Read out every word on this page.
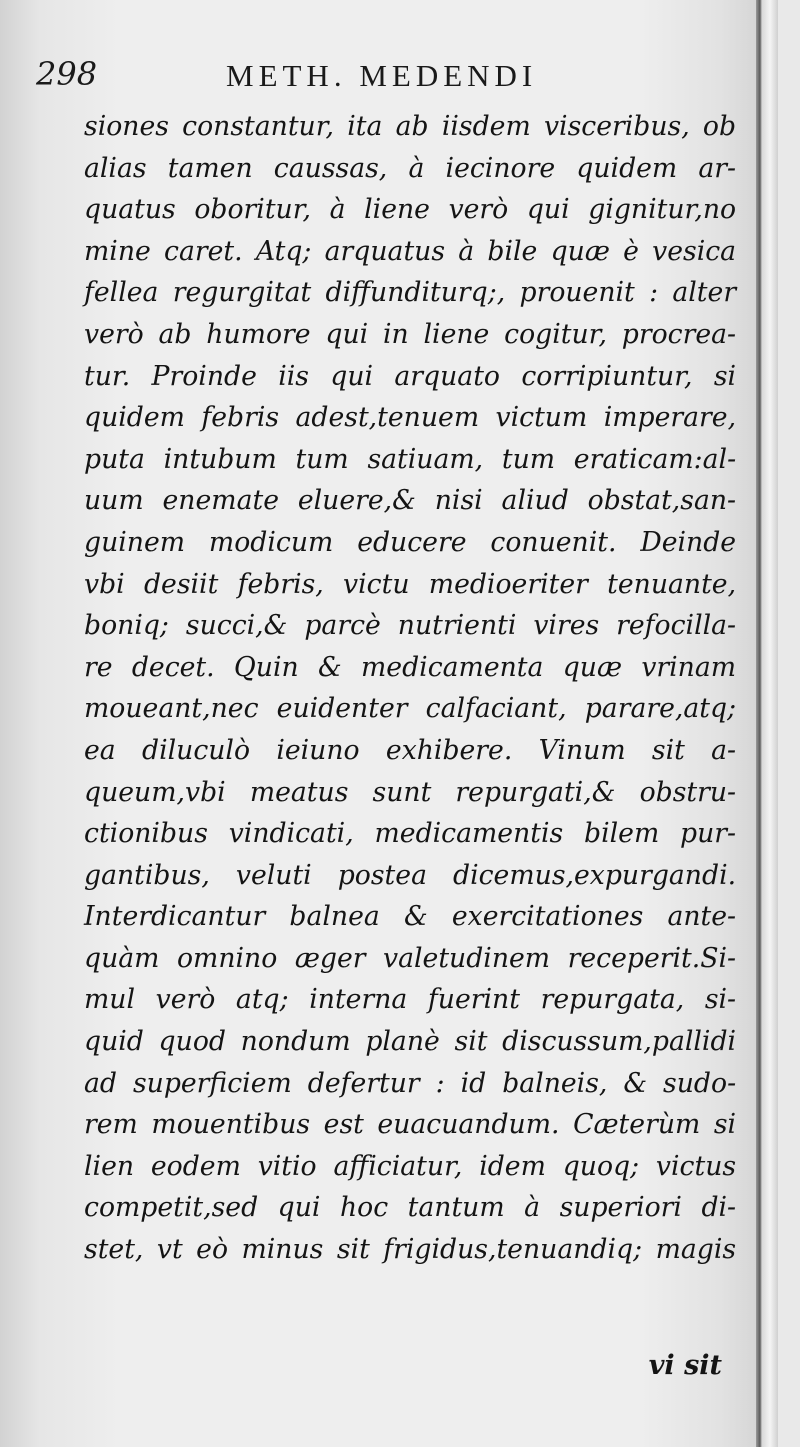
298	METH. MEDENDI
siones constantur, ita ab iisdem visceribus, ob
alias tamen caussas, à iecinore quidem ar-
quatus oboritur, à liene verò qui gignitur,no
mine caret. Atq; arquatus à bile quæ è vesica
fellea regurgitat diffunditurq;, prouenit : alter
verò ab humore qui in liene cogitur, procrea-
tur. Proinde iis qui arquato corripiuntur, si
quidem febris adest,tenuem victum imperare,
puta intubum tum satiuam, tum eraticam:al-
uum enemate eluere,& nisi aliud obstat,san-
guinem modicum educere conuenit. Deinde
vbi desiit febris, victu medioeriter tenuante,
boniq; succi,& parcè nutrienti vires refocilla-
re decet. Quin & medicamenta quæ vrinam
moueant,nec euidenter calfaciant, parare,atq;
ea diluculò ieiuno exhibere. Vinum sit a-
queum,vbi meatus sunt repurgati,& obstru-
ctionibus vindicati, medicamentis bilem pur-
gantibus, veluti postea dicemus,expurgandi.
Interdicantur balnea & exercitationes ante-
quàm omnino æger valetudinem receperit.Si-
mul verò atq; interna fuerint repurgata, si-
quid quod nondum planè sit discussum,pallidi
ad superficiem defertur : id balneis, & sudo-
rem mouentibus est euacuandum. Cæterùm si
lien eodem vitio afficiatur, idem quoq; victus
competit,sed qui hoc tantum à superiori di-
stet, vt eò minus sit frigidus,tenuandiq; magis
vi sit
